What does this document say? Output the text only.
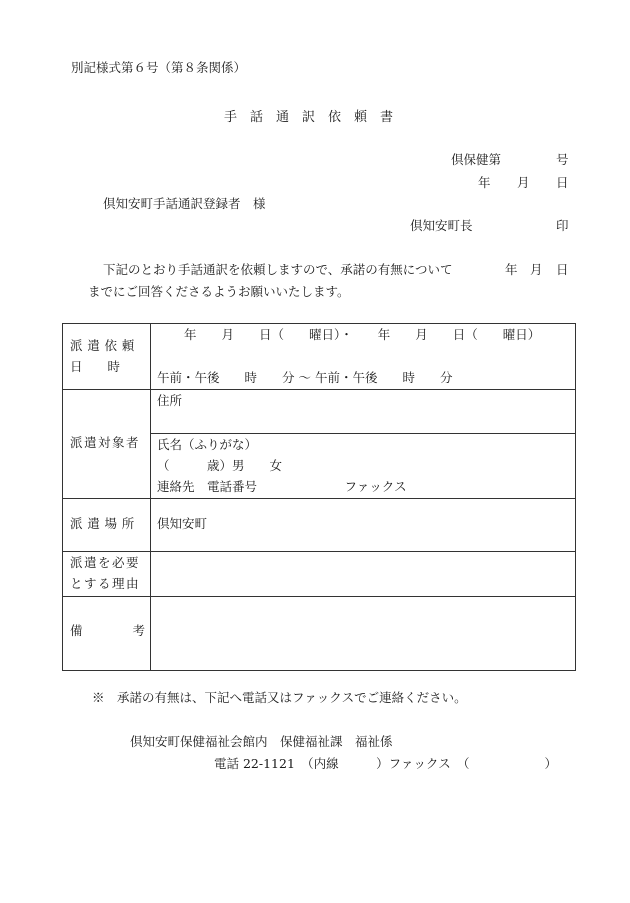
別記様式第６号（第８条関係）
手　話　通　訳　依　頼　書
倶保健第	号
年 月 日
倶知安町手話通訳登録者　様
倶知安町長	印
下記のとおり手話通訳を依頼しますので、承諾の有無について	年 月 日
までにご回答くださるようお願いいたします。
派遣依頼
日　　時	年　　月　　日（　　曜日）・　　年　　月　　日（　　曜日）
午前・午後　　時　　分 〜 午前・午後　　時　　分

派遣対象者	住所
氏名（ふりがな）
（　　　歳）男　　女
連絡先　電話番号　　　　　　　ファックス

派遣場所	倶知安町

派遣を必要
とする理由	

備　　　　考	

※　承諾の有無は、下記へ電話又はファックスでご連絡ください。
倶知安町保健福祉会館内　保健福祉課　福祉係
電話 22-1121　（内線　　　）ファックス　（　　　　　　）
